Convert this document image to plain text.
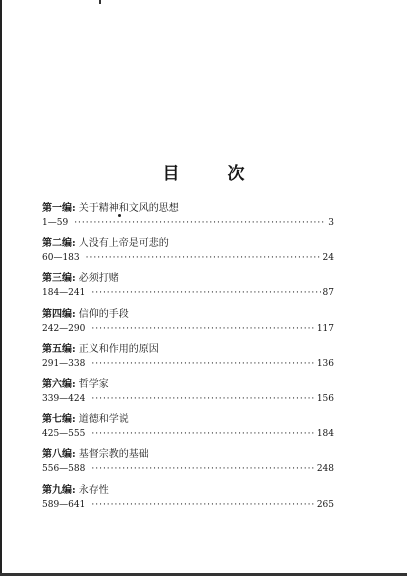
目 次
第一编: 关于精神和文风的思想
1—59 ·····	3
第二编: 人没有上帝是可悲的
60—183 ·····	24
第三编: 必须打赌
184—241 ·····	87
第四编: 信仰的手段
242—290 ·····	117
第五编: 正义和作用的原因
291—338 ·····	136
第六编: 哲学家
339—424 ·····	156
第七编: 道德和学说
425—555 ·····	184
第八编: 基督宗教的基础
556—588 ·····	248
第九编: 永存性
589—641 ·····	265
